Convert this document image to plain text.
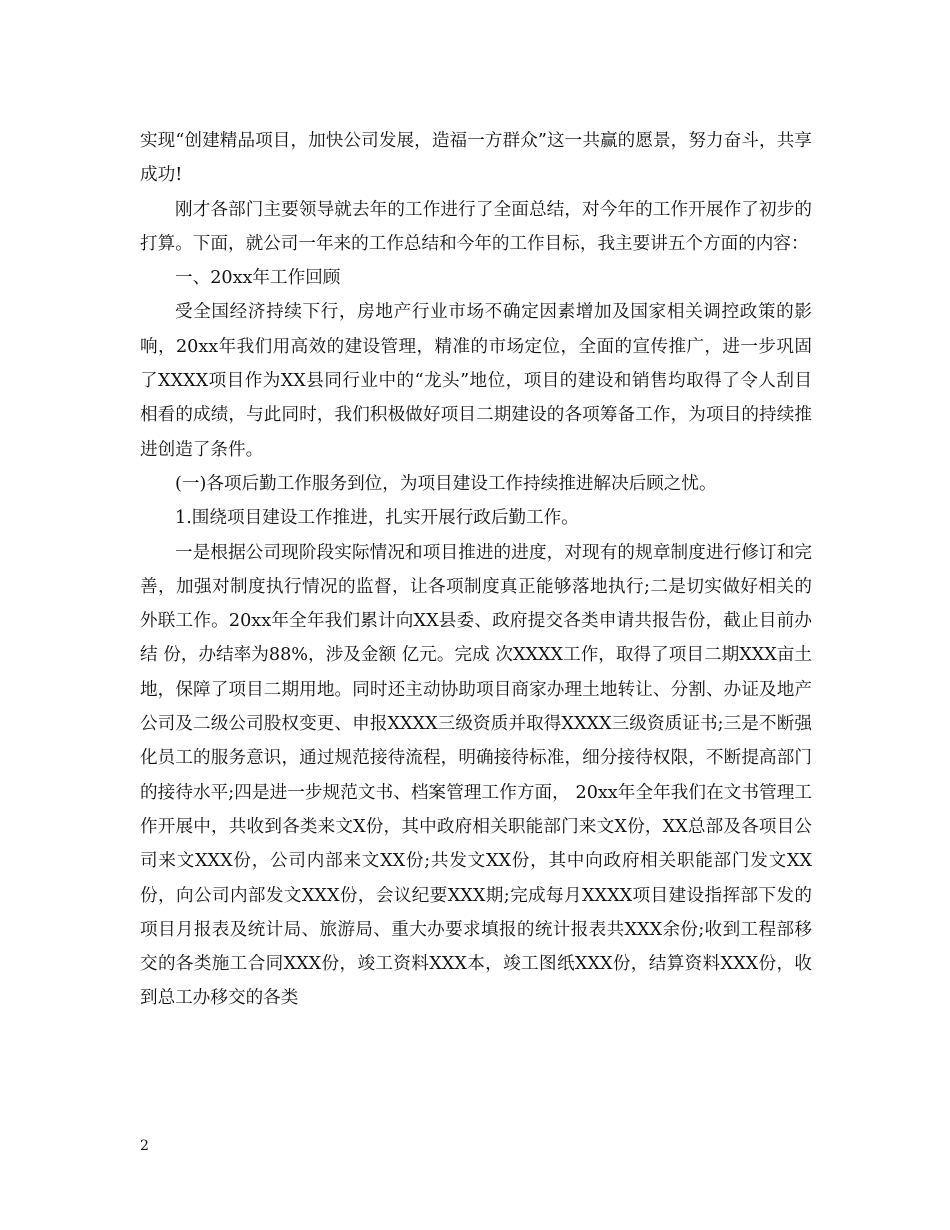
实现“创建精品项目，加快公司发展，造福一方群众”这一共赢的愿景，努力奋斗，共享成功!

刚才各部门主要领导就去年的工作进行了全面总结，对今年的工作开展作了初步的打算。下面，就公司一年来的工作总结和今年的工作目标，我主要讲五个方面的内容：

一、20xx年工作回顾

受全国经济持续下行，房地产行业市场不确定因素增加及国家相关调控政策的影响，20xx年我们用高效的建设管理，精准的市场定位，全面的宣传推广，进一步巩固了XXXX项目作为XX县同行业中的“龙头”地位，项目的建设和销售均取得了令人刮目相看的成绩，与此同时，我们积极做好项目二期建设的各项筹备工作，为项目的持续推进创造了条件。

(一)各项后勤工作服务到位，为项目建设工作持续推进解决后顾之忧。

1.围绕项目建设工作推进，扎实开展行政后勤工作。

一是根据公司现阶段实际情况和项目推进的进度，对现有的规章制度进行修订和完善，加强对制度执行情况的监督，让各项制度真正能够落地执行;二是切实做好相关的外联工作。20xx年全年我们累计向XX县委、政府提交各类申请共报告份，截止目前办结 份，办结率为88%，涉及金额 亿元。完成 次XXXX工作，取得了项目二期XXX亩土地，保障了项目二期用地。同时还主动协助项目商家办理土地转让、分割、办证及地产公司及二级公司股权变更、申报XXXX三级资质并取得XXXX三级资质证书;三是不断强化员工的服务意识，通过规范接待流程，明确接待标准，细分接待权限，不断提高部门的接待水平;四是进一步规范文书、档案管理工作方面， 20xx年全年我们在文书管理工作开展中，共收到各类来文X份，其中政府相关职能部门来文X份，XX总部及各项目公司来文XXX份，公司内部来文XX份;共发文XX份，其中向政府相关职能部门发文XX份，向公司内部发文XXX份，会议纪要XXX期;完成每月XXXX项目建设指挥部下发的项目月报表及统计局、旅游局、重大办要求填报的统计报表共XXX余份;收到工程部移交的各类施工合同XXX份，竣工资料XXX本，竣工图纸XXX份，结算资料XXX份，收到总工办移交的各类

2
